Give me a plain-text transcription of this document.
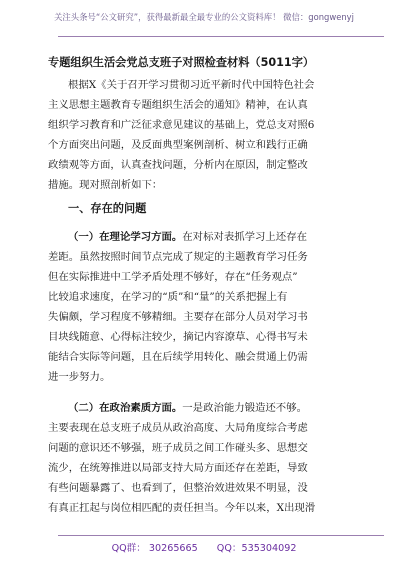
关注头条号“公文研究”，获得最新最全最专业的公文资料库！ 微信：gongwenyj
专题组织生活会党总支班子对照检查材料（5011字）
根据X《关于召开学习贯彻习近平新时代中国特色社会
主义思想主题教育专题组织生活会的通知》精神，在认真
组织学习教育和广泛征求意见建议的基础上，党总支对照6
个方面突出问题，及反面典型案例剖析、树立和践行正确
政绩观等方面，认真查找问题，分析内在原因，制定整改
措施。现对照剖析如下：
一、存在的问题
（一）在理论学习方面。在对标对表抓学习上还存在
差距。虽然按照时间节点完成了规定的主题教育学习任务
但在实际推进中工学矛盾处理不够好，存在“任务观点”
比较追求速度，在学习的“质”和“量”的关系把握上有
失偏颇，学习程度不够精细。主要存在部分人员对学习书
目块线随意、心得标注较少，摘记内容潦草、心得书写未
能结合实际等问题，且在后续学用转化、融会贯通上仍需
进一步努力。
（二）在政治素质方面。一是政治能力锻造还不够。
主要表现在总支班子成员从政治高度、大局角度综合考虑
问题的意识还不够强，班子成员之间工作碰头多、思想交
流少，在统筹推进以局部支持大局方面还存在差距，导致
有些问题暴露了、也看到了，但整治效进效果不明显，没
有真正扛起与岗位相匹配的责任担当。今年以来，X出现滑
QQ群： 30265665 QQ：535304092
